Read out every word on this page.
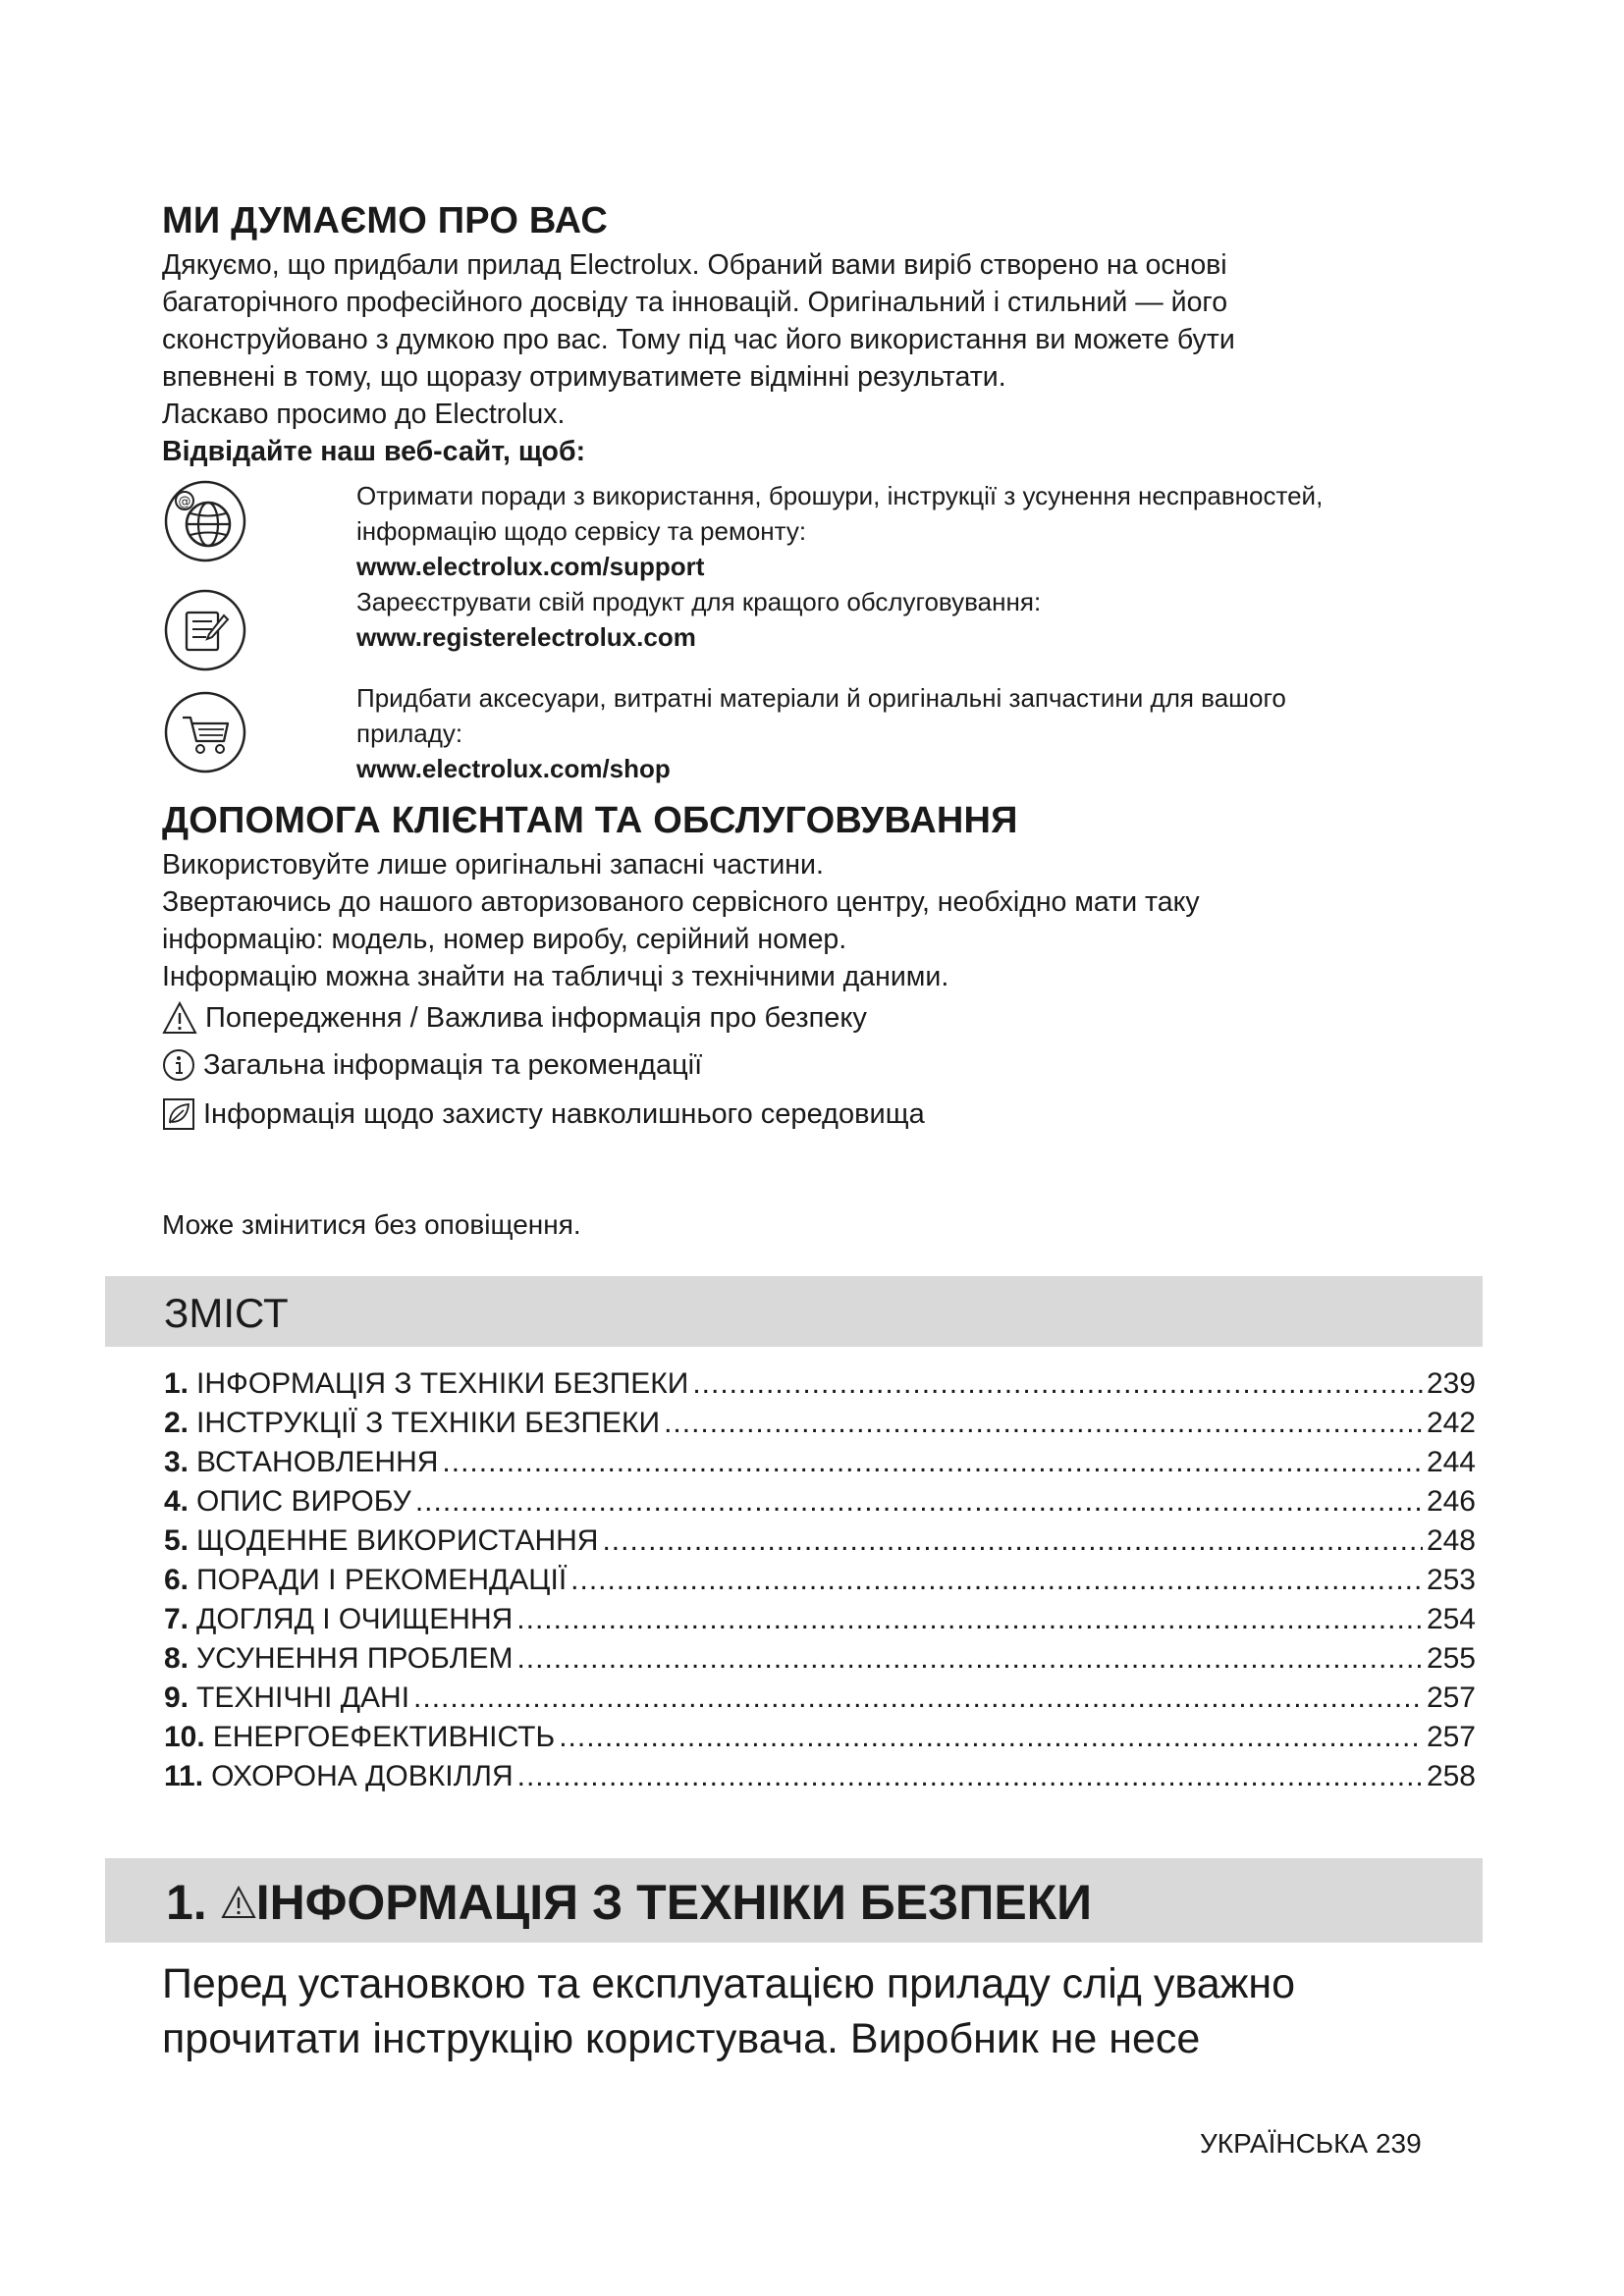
МИ ДУМАЄМО ПРО ВАС
Дякуємо, що придбали прилад Electrolux. Обраний вами виріб створено на основі
багаторічного професійного досвіду та інновацій. Оригінальний і стильний — його
сконструйовано з думкою про вас. Тому під час його використання ви можете бути
впевнені в тому, що щоразу отримуватимете відмінні результати.
Ласкаво просимо до Electrolux.
Відвідайте наш веб-сайт, щоб:
@	Отримати поради з використання, брошури, інструкції з усунення несправностей,
інформацію щодо сервісу та ремонту:
www.electrolux.com/support
Зареєструвати свій продукт для кращого обслуговування:
www.registerelectrolux.com
Придбати аксесуари, витратні матеріали й оригінальні запчастини для вашого
приладу:
www.electrolux.com/shop
ДОПОМОГА КЛІЄНТАМ ТА ОБСЛУГОВУВАННЯ
Використовуйте лише оригінальні запасні частини.
Звертаючись до нашого авторизованого сервісного центру, необхідно мати таку
інформацію: модель, номер виробу, серійний номер.
Інформацію можна знайти на табличці з технічними даними.
Попередження / Важлива інформація про безпеку
Загальна інформація та рекомендації
Інформація щодо захисту навколишнього середовища
Може змінитися без оповіщення.
ЗМІСТ
1. ІНФОРМАЦІЯ З ТЕХНІКИ БЕЗПЕКИ .....	239
2. ІНСТРУКЦІЇ З ТЕХНІКИ БЕЗПЕКИ .....	242
3. ВСТАНОВЛЕННЯ .....	244
4. ОПИС ВИРОБУ .....	246
5. ЩОДЕННЕ ВИКОРИСТАННЯ .....	248
6. ПОРАДИ І РЕКОМЕНДАЦІЇ .....	253
7. ДОГЛЯД І ОЧИЩЕННЯ .....	254
8. УСУНЕННЯ ПРОБЛЕМ .....	255
9. ТЕХНІЧНІ ДАНІ .....	257
10. ЕНЕРГОЕФЕКТИВНІСТЬ .....	257
11. ОХОРОНА ДОВКІЛЛЯ .....	258
1. ІНФОРМАЦІЯ З ТЕХНІКИ БЕЗПЕКИ
Перед установкою та експлуатацією приладу слід уважно
прочитати інструкцію користувача. Виробник не несе
УКРАЇНСЬКА 239
